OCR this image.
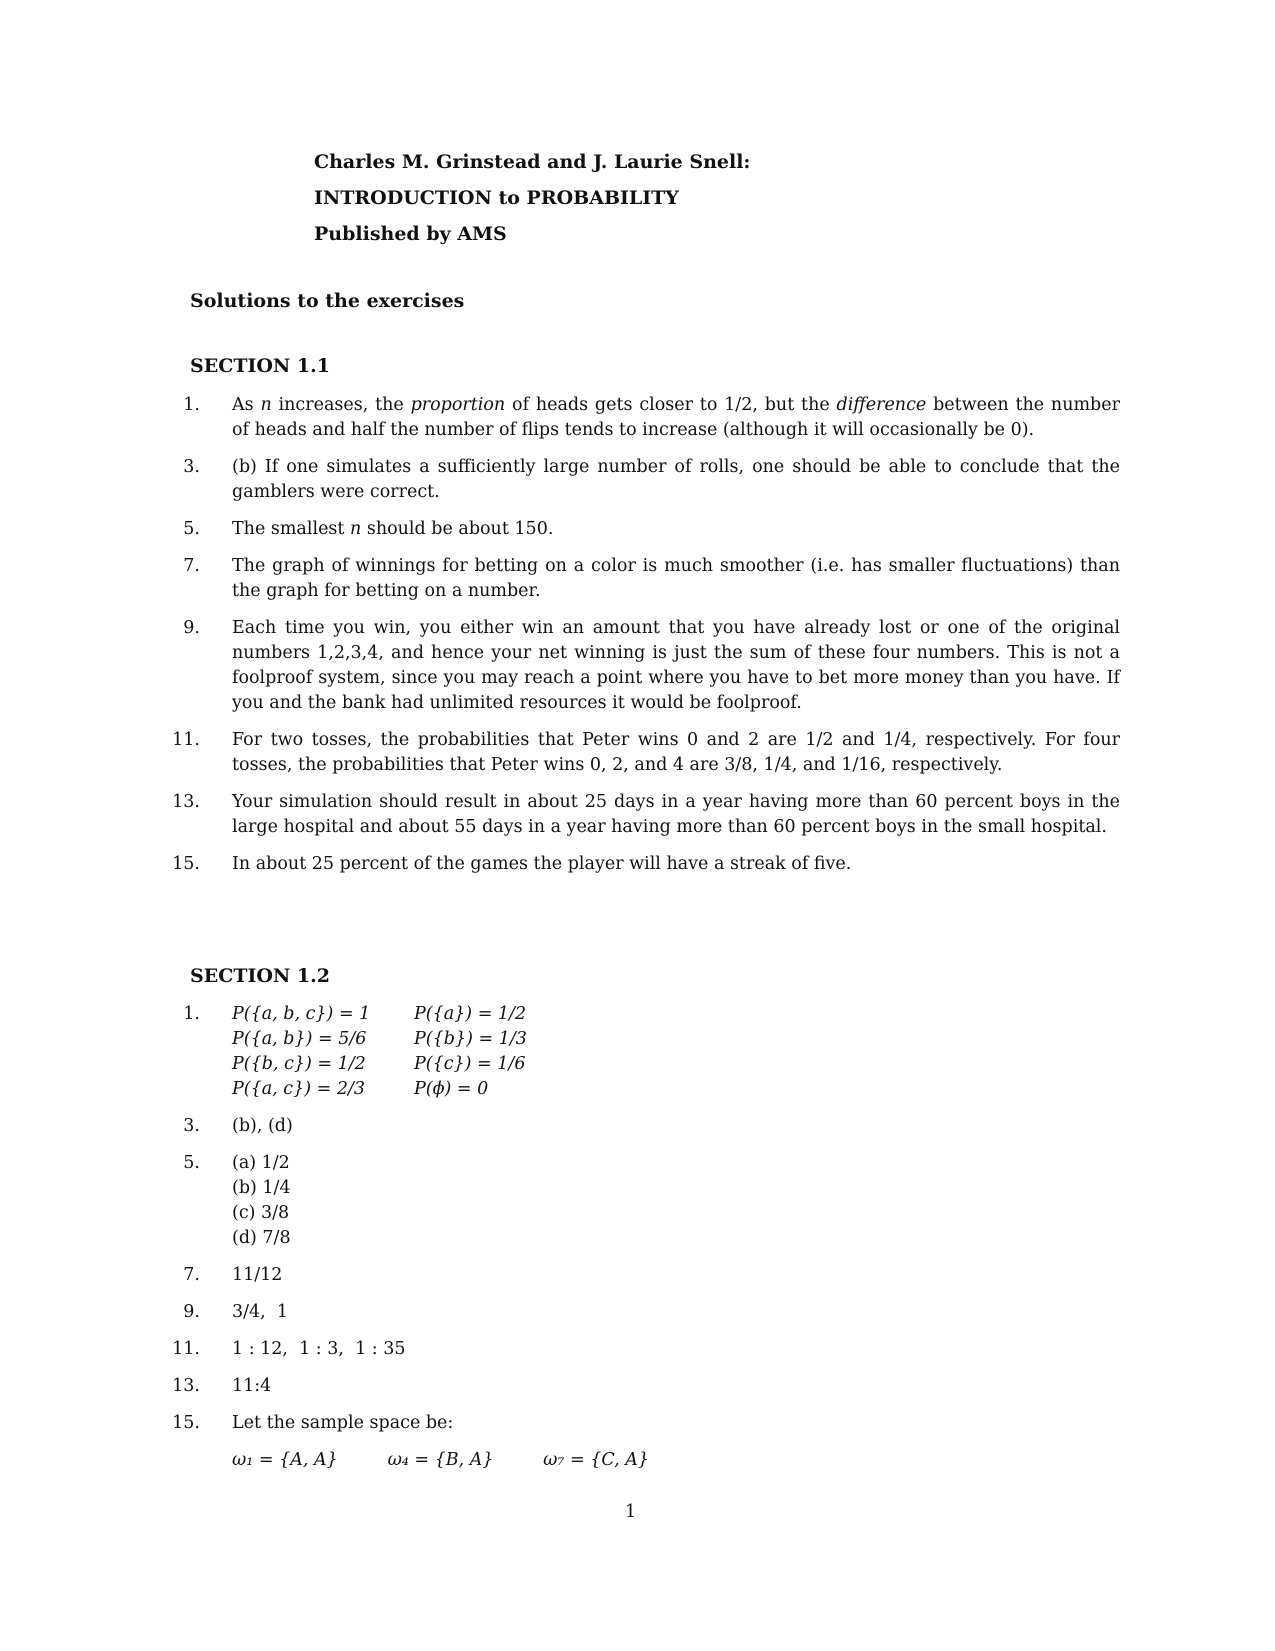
Charles M. Grinstead and J. Laurie Snell:
INTRODUCTION to PROBABILITY
Published by AMS
Solutions to the exercises
SECTION 1.1
1. As n increases, the proportion of heads gets closer to 1/2, but the difference between the number of heads and half the number of flips tends to increase (although it will occasionally be 0).
3. (b) If one simulates a sufficiently large number of rolls, one should be able to conclude that the gamblers were correct.
5. The smallest n should be about 150.
7. The graph of winnings for betting on a color is much smoother (i.e. has smaller fluctuations) than the graph for betting on a number.
9. Each time you win, you either win an amount that you have already lost or one of the original numbers 1,2,3,4, and hence your net winning is just the sum of these four numbers. This is not a foolproof system, since you may reach a point where you have to bet more money than you have. If you and the bank had unlimited resources it would be foolproof.
11. For two tosses, the probabilities that Peter wins 0 and 2 are 1/2 and 1/4, respectively. For four tosses, the probabilities that Peter wins 0, 2, and 4 are 3/8, 1/4, and 1/16, respectively.
13. Your simulation should result in about 25 days in a year having more than 60 percent boys in the large hospital and about 55 days in a year having more than 60 percent boys in the small hospital.
15. In about 25 percent of the games the player will have a streak of five.
SECTION 1.2
1. P({a, b, c}) = 1	P({a}) = 1/2
P({a, b}) = 5/6	P({b}) = 1/3
P({b, c}) = 1/2	P({c}) = 1/6
P({a, c}) = 2/3	P(ϕ) = 0
3. (b), (d)
5. (a) 1/2
(b) 1/4
(c) 3/8
(d) 7/8
7. 11/12
9. 3/4,  1
11. 1 : 12,  1 : 3,  1 : 35
13. 11:4
15. Let the sample space be:
ω₁ = {A, A}	ω₄ = {B, A}	ω₇ = {C, A}
1
